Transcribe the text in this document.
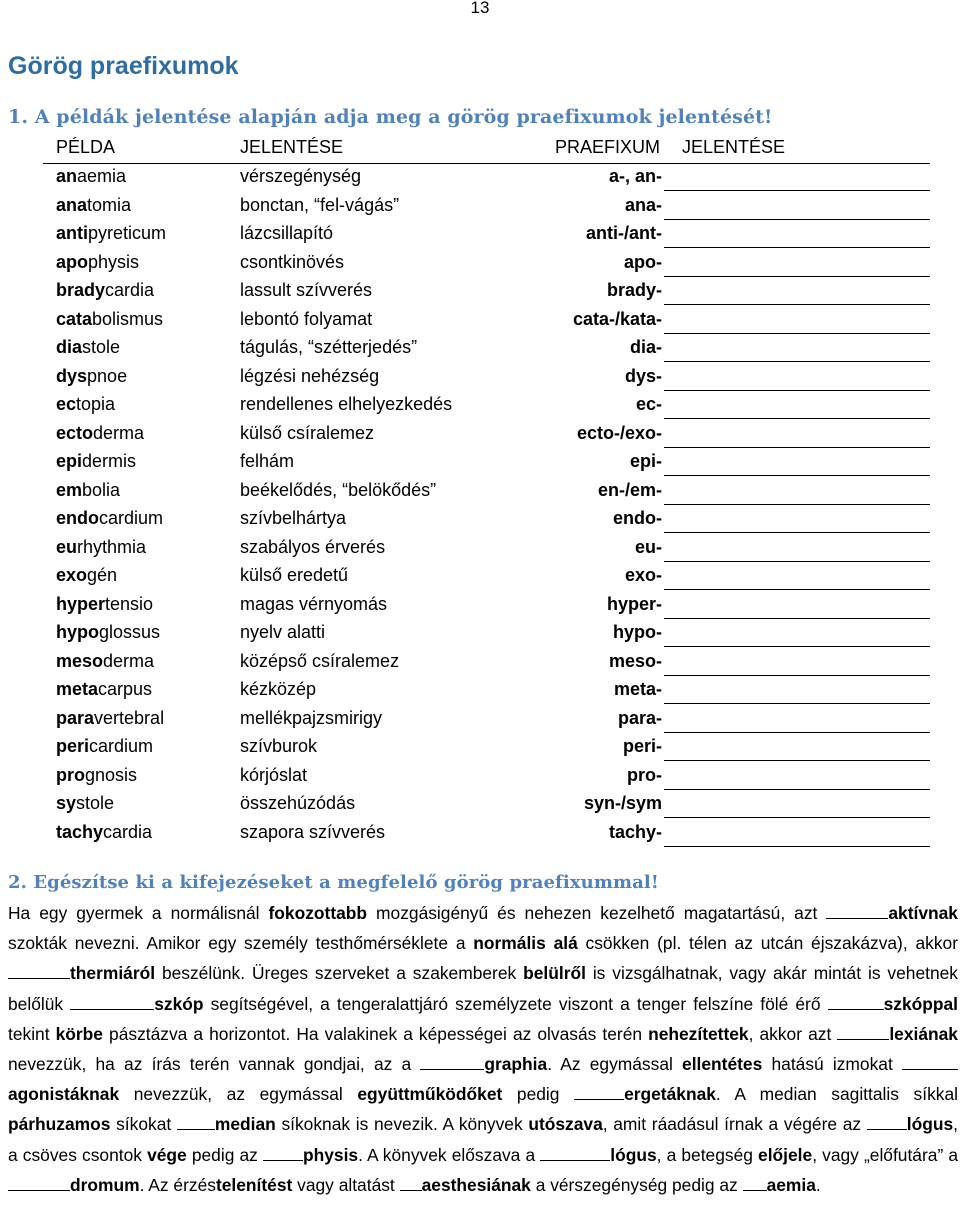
13
Görög praefixumok
1. A példák jelentése alapján adja meg a görög praefixumok jelentését!
PÉLDA	JELENTÉSE	PRAEFIXUM JELENTÉSE
anaemia	vérszegénység	a-, an-
anatomia	bonctan, “fel-vágás”	ana-
antipyreticum	lázcsillapító	anti-/ant-
apophysis	csontkinövés	apo-
bradycardia	lassult szívverés	brady-
catabolismus	lebontó folyamat	cata-/kata-
diastole	tágulás, “szétterjedés”	dia-
dyspnoe	légzési nehézség	dys-
ectopia	rendellenes elhelyezkedés	ec-
ectoderma	külső csíralemez	ecto-/exo-
epidermis	felhám	epi-
embolia	beékelődés, “belökődés”	en-/em-
endocardium	szívbelhártya	endo-
eurhythmia	szabályos érverés	eu-
exogén	külső eredetű	exo-
hypertensio	magas vérnyomás	hyper-
hypoglossus	nyelv alatti	hypo-
mesoderma	középső csíralemez	meso-
metacarpus	kézközép	meta-
paravertebral	mellékpajzsmirigy	para-
pericardium	szívburok	peri-
prognosis	kórjóslat	pro-
systole	összehúzódás	syn-/sym
tachycardia	szapora szívverés	tachy-
2. Egészítse ki a kifejezéseket a megfelelő görög praefixummal!

Ha egy gyermek a normálisnál fokozottabb mozgásigényű és nehezen kezelhető magatartású, azt	aktívnak szokták nevezni. Amikor egy személy testhőmérséklete a normális alá csökken (pl. télen az utcán éjszakázva), akkor thermiáról beszélünk. Üreges szerveket a szakemberek belülről is vizsgálhatnak, vagy akár mintát is vehetnek belőlük	szkóp segítségével, a tengeralattjáró személyzete viszont a tenger felszíne fölé érő	szkóppal tekint körbe pásztázva a horizontot. Ha valakinek a képességei az olvasás terén nehezítettek, akkor azt	lexiának nevezzük, ha az írás terén vannak gondjai, az a	graphia. Az egymással ellentétes hatású izmokat agonistáknak nevezzük, az egymással együttműködőket pedig	ergetáknak. A median sagittalis síkkal párhuzamos síkokat median síkoknak is nevezik. A könyvek utószava, amit ráadásul írnak a végére az lógus, a csöves csontok vége pedig az physis. A könyvek előszava a	lógus, a betegség előjele, vagy „előfutára” a dromum. Az érzéstelenítést vagy altatást aesthesiának a vérszegénység pedig az aemia.
